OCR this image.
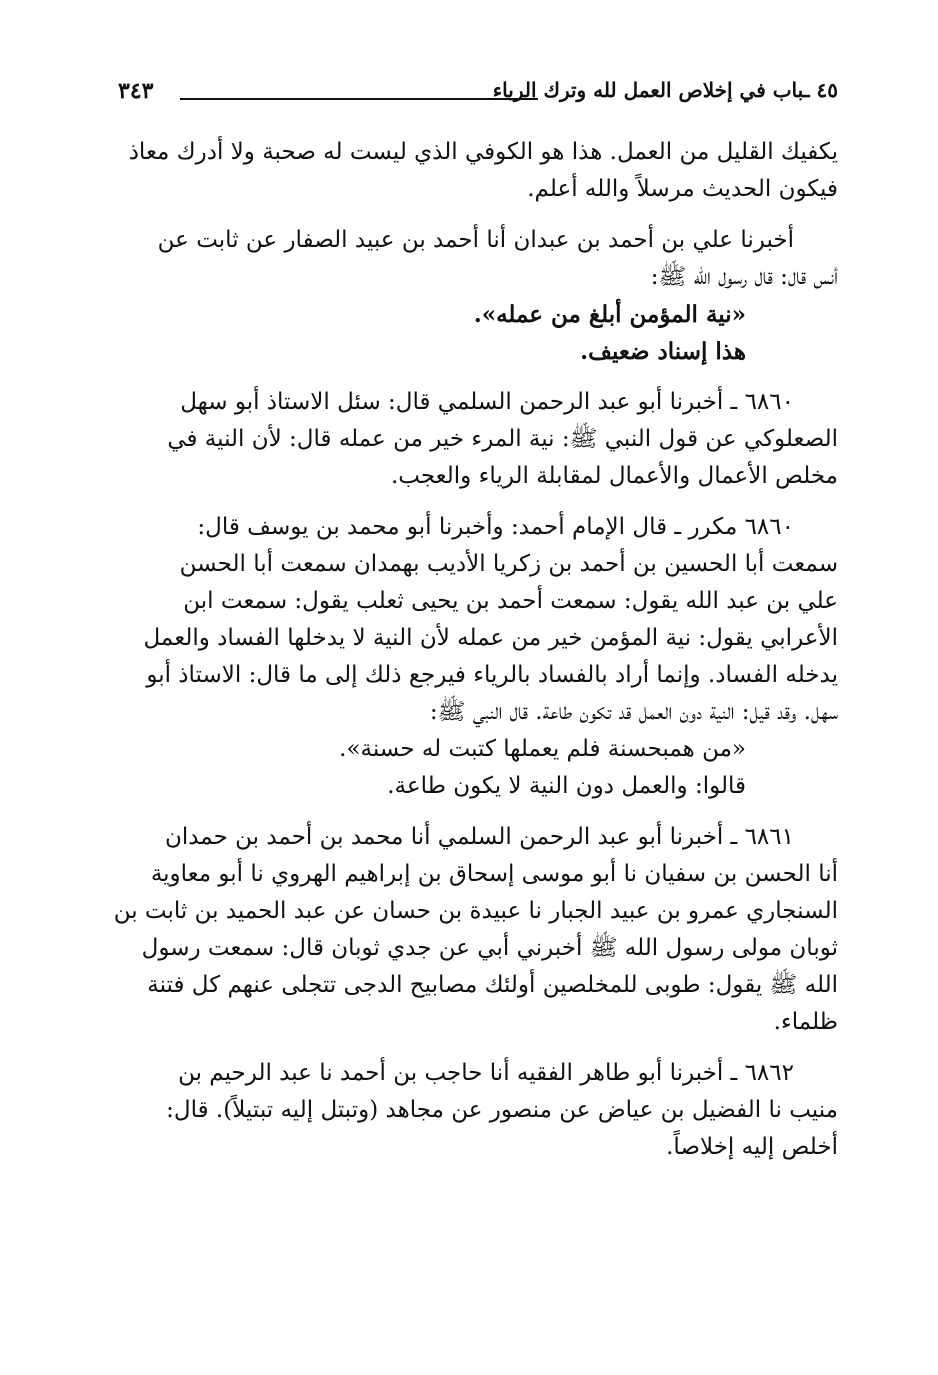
٤٥ ـباب في إخلاص العمل لله وترك الرياء
٣٤٣

يكفيك القليل من العمل. هذا هو الكوفي الذي ليست له صحبة ولا أدرك معاذ
فيكون الحديث مرسلاً والله أعلم.

أخبرنا علي بن أحمد بن عبدان أنا أحمد بن عبيد الصفار عن ثابت عن
أنس قال: قال رسول الله ﷺ:
«نية المؤمن أبلغ من عمله».
هذا إسناد ضعيف.

٦٨٦٠ ـ أخبرنا أبو عبد الرحمن السلمي قال: سئل الاستاذ أبو سهل
الصعلوكي عن قول النبي ﷺ: نية المرء خير من عمله قال: لأن النية في
مخلص الأعمال والأعمال لمقابلة الرياء والعجب.

٦٨٦٠ مكرر ـ قال الإمام أحمد: وأخبرنا أبو محمد بن يوسف قال:
سمعت أبا الحسين بن أحمد بن زكريا الأديب بهمدان سمعت أبا الحسن
علي بن عبد الله يقول: سمعت أحمد بن يحيى ثعلب يقول: سمعت ابن
الأعرابي يقول: نية المؤمن خير من عمله لأن النية لا يدخلها الفساد والعمل
يدخله الفساد. وإنما أراد بالفساد بالرياء فيرجع ذلك إلى ما قال: الاستاذ أبو
سهل. وقد قيل: النية دون العمل قد تكون طاعة. قال النبي ﷺ:
«من همبحسنة فلم يعملها كتبت له حسنة».
قالوا: والعمل دون النية لا يكون طاعة.

٦٨٦١ ـ أخبرنا أبو عبد الرحمن السلمي أنا محمد بن أحمد بن حمدان
أنا الحسن بن سفيان نا أبو موسى إسحاق بن إبراهيم الهروي نا أبو معاوية
السنجاري عمرو بن عبيد الجبار نا عبيدة بن حسان عن عبد الحميد بن ثابت بن
ثوبان مولى رسول الله ﷺ أخبرني أبي عن جدي ثوبان قال: سمعت رسول
الله ﷺ يقول: طوبى للمخلصين أولئك مصابيح الدجى تتجلى عنهم كل فتنة
ظلماء.

٦٨٦٢ ـ أخبرنا أبو طاهر الفقيه أنا حاجب بن أحمد نا عبد الرحيم بن
منيب نا الفضيل بن عياض عن منصور عن مجاهد (وتبتل إليه تبتيلاً). قال:
أخلص إليه إخلاصاً.
